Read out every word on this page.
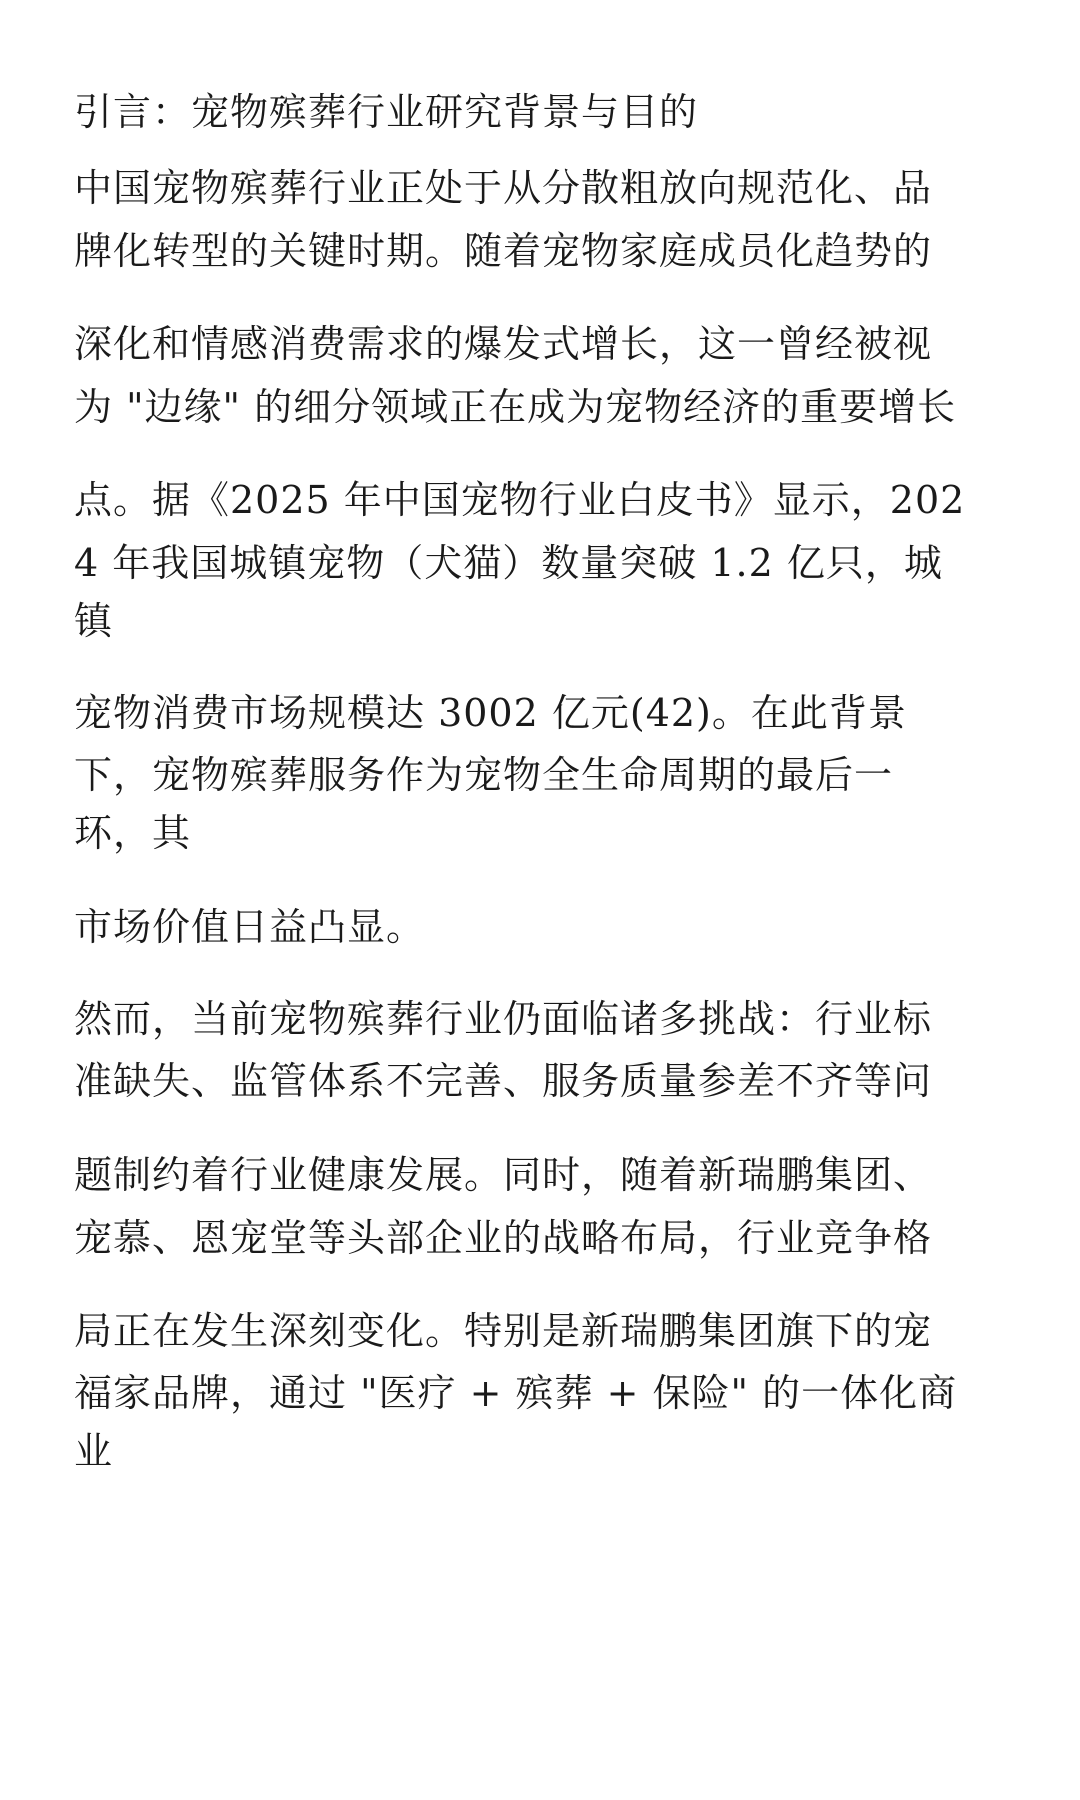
引言：宠物殡葬行业研究背景与目的

中国宠物殡葬行业正处于从分散粗放向规范化、品

牌化转型的关键时期。随着宠物家庭成员化趋势的

深化和情感消费需求的爆发式增长，这一曾经被视

为 "边缘" 的细分领域正在成为宠物经济的重要增长

点。据《2025 年中国宠物行业白皮书》显示，202

4 年我国城镇宠物（犬猫）数量突破 1.2 亿只，城

镇

宠物消费市场规模达 3002 亿元(42)。在此背景

下，宠物殡葬服务作为宠物全生命周期的最后一

环，其

市场价值日益凸显。

然而，当前宠物殡葬行业仍面临诸多挑战：行业标

准缺失、监管体系不完善、服务质量参差不齐等问

题制约着行业健康发展。同时，随着新瑞鹏集团、

宠慕、恩宠堂等头部企业的战略布局，行业竞争格

局正在发生深刻变化。特别是新瑞鹏集团旗下的宠

福家品牌，通过 "医疗 + 殡葬 + 保险" 的一体化商

业
